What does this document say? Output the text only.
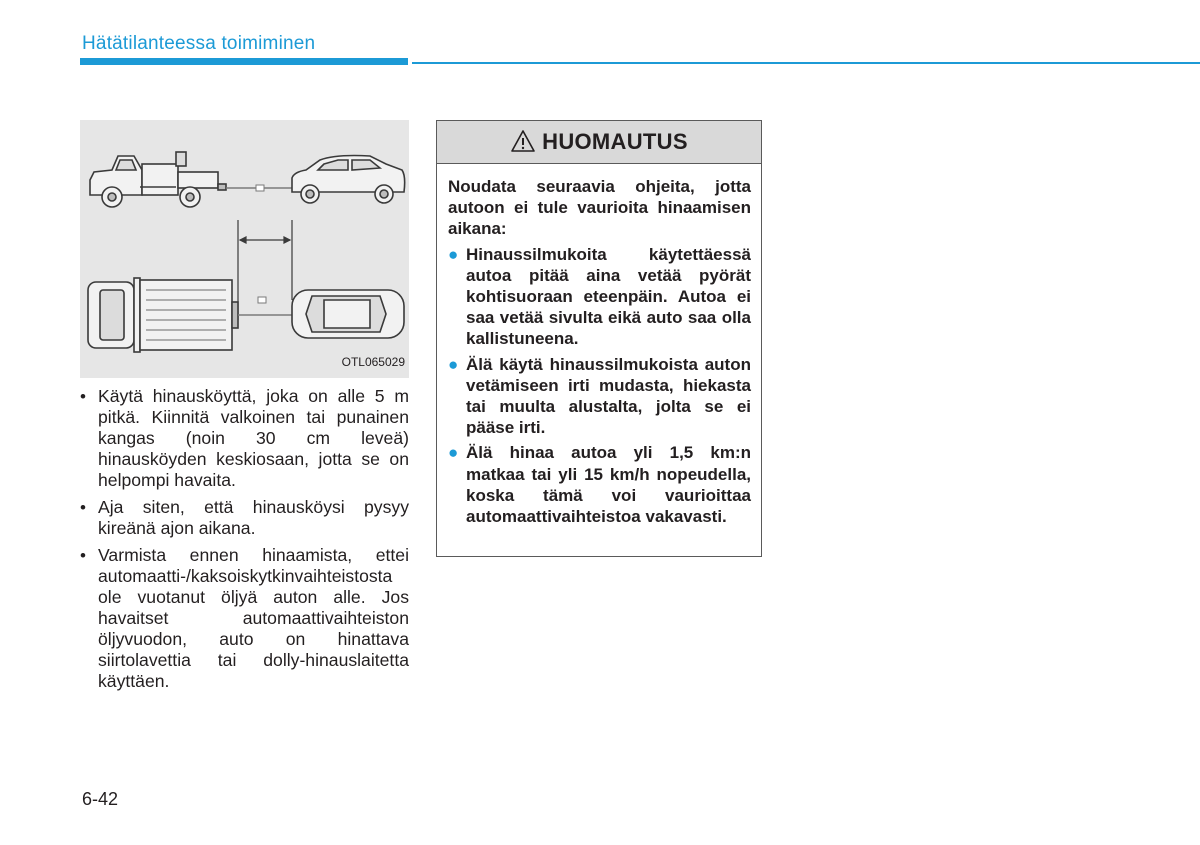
Hätätilanteessa toimiminen
OTL065029
• Käytä hinausköyttä, joka on alle 5 m pitkä. Kiinnitä valkoinen tai punainen kangas (noin 30 cm leveä) hinausköyden keskiosaan, jotta se on helpompi havaita.
• Aja siten, että hinausköysi pysyy kireänä ajon aikana.
• Varmista ennen hinaamista, ettei automaatti-/kaksoiskytkinvaihteistosta ole vuotanut öljyä auton alle. Jos havaitset automaattivaihteiston öljyvuodon, auto on hinattava siirtolavettia tai dolly-hinauslaitetta käyttäen.
HUOMAUTUS

Noudata seuraavia ohjeita, jotta autoon ei tule vaurioita hinaamisen aikana:

● Hinaussilmukoita käytettäessä autoa pitää aina vetää pyörät kohtisuoraan eteenpäin. Autoa ei saa vetää sivulta eikä auto saa olla kallistuneena.
● Älä käytä hinaussilmukoista auton vetämiseen irti mudasta, hiekasta tai muulta alustalta, jolta se ei pääse irti.
● Älä hinaa autoa yli 1,5 km:n matkaa tai yli 15 km/h nopeudella, koska tämä voi vaurioittaa automaattivaihteistoa vakavasti.
6-42
